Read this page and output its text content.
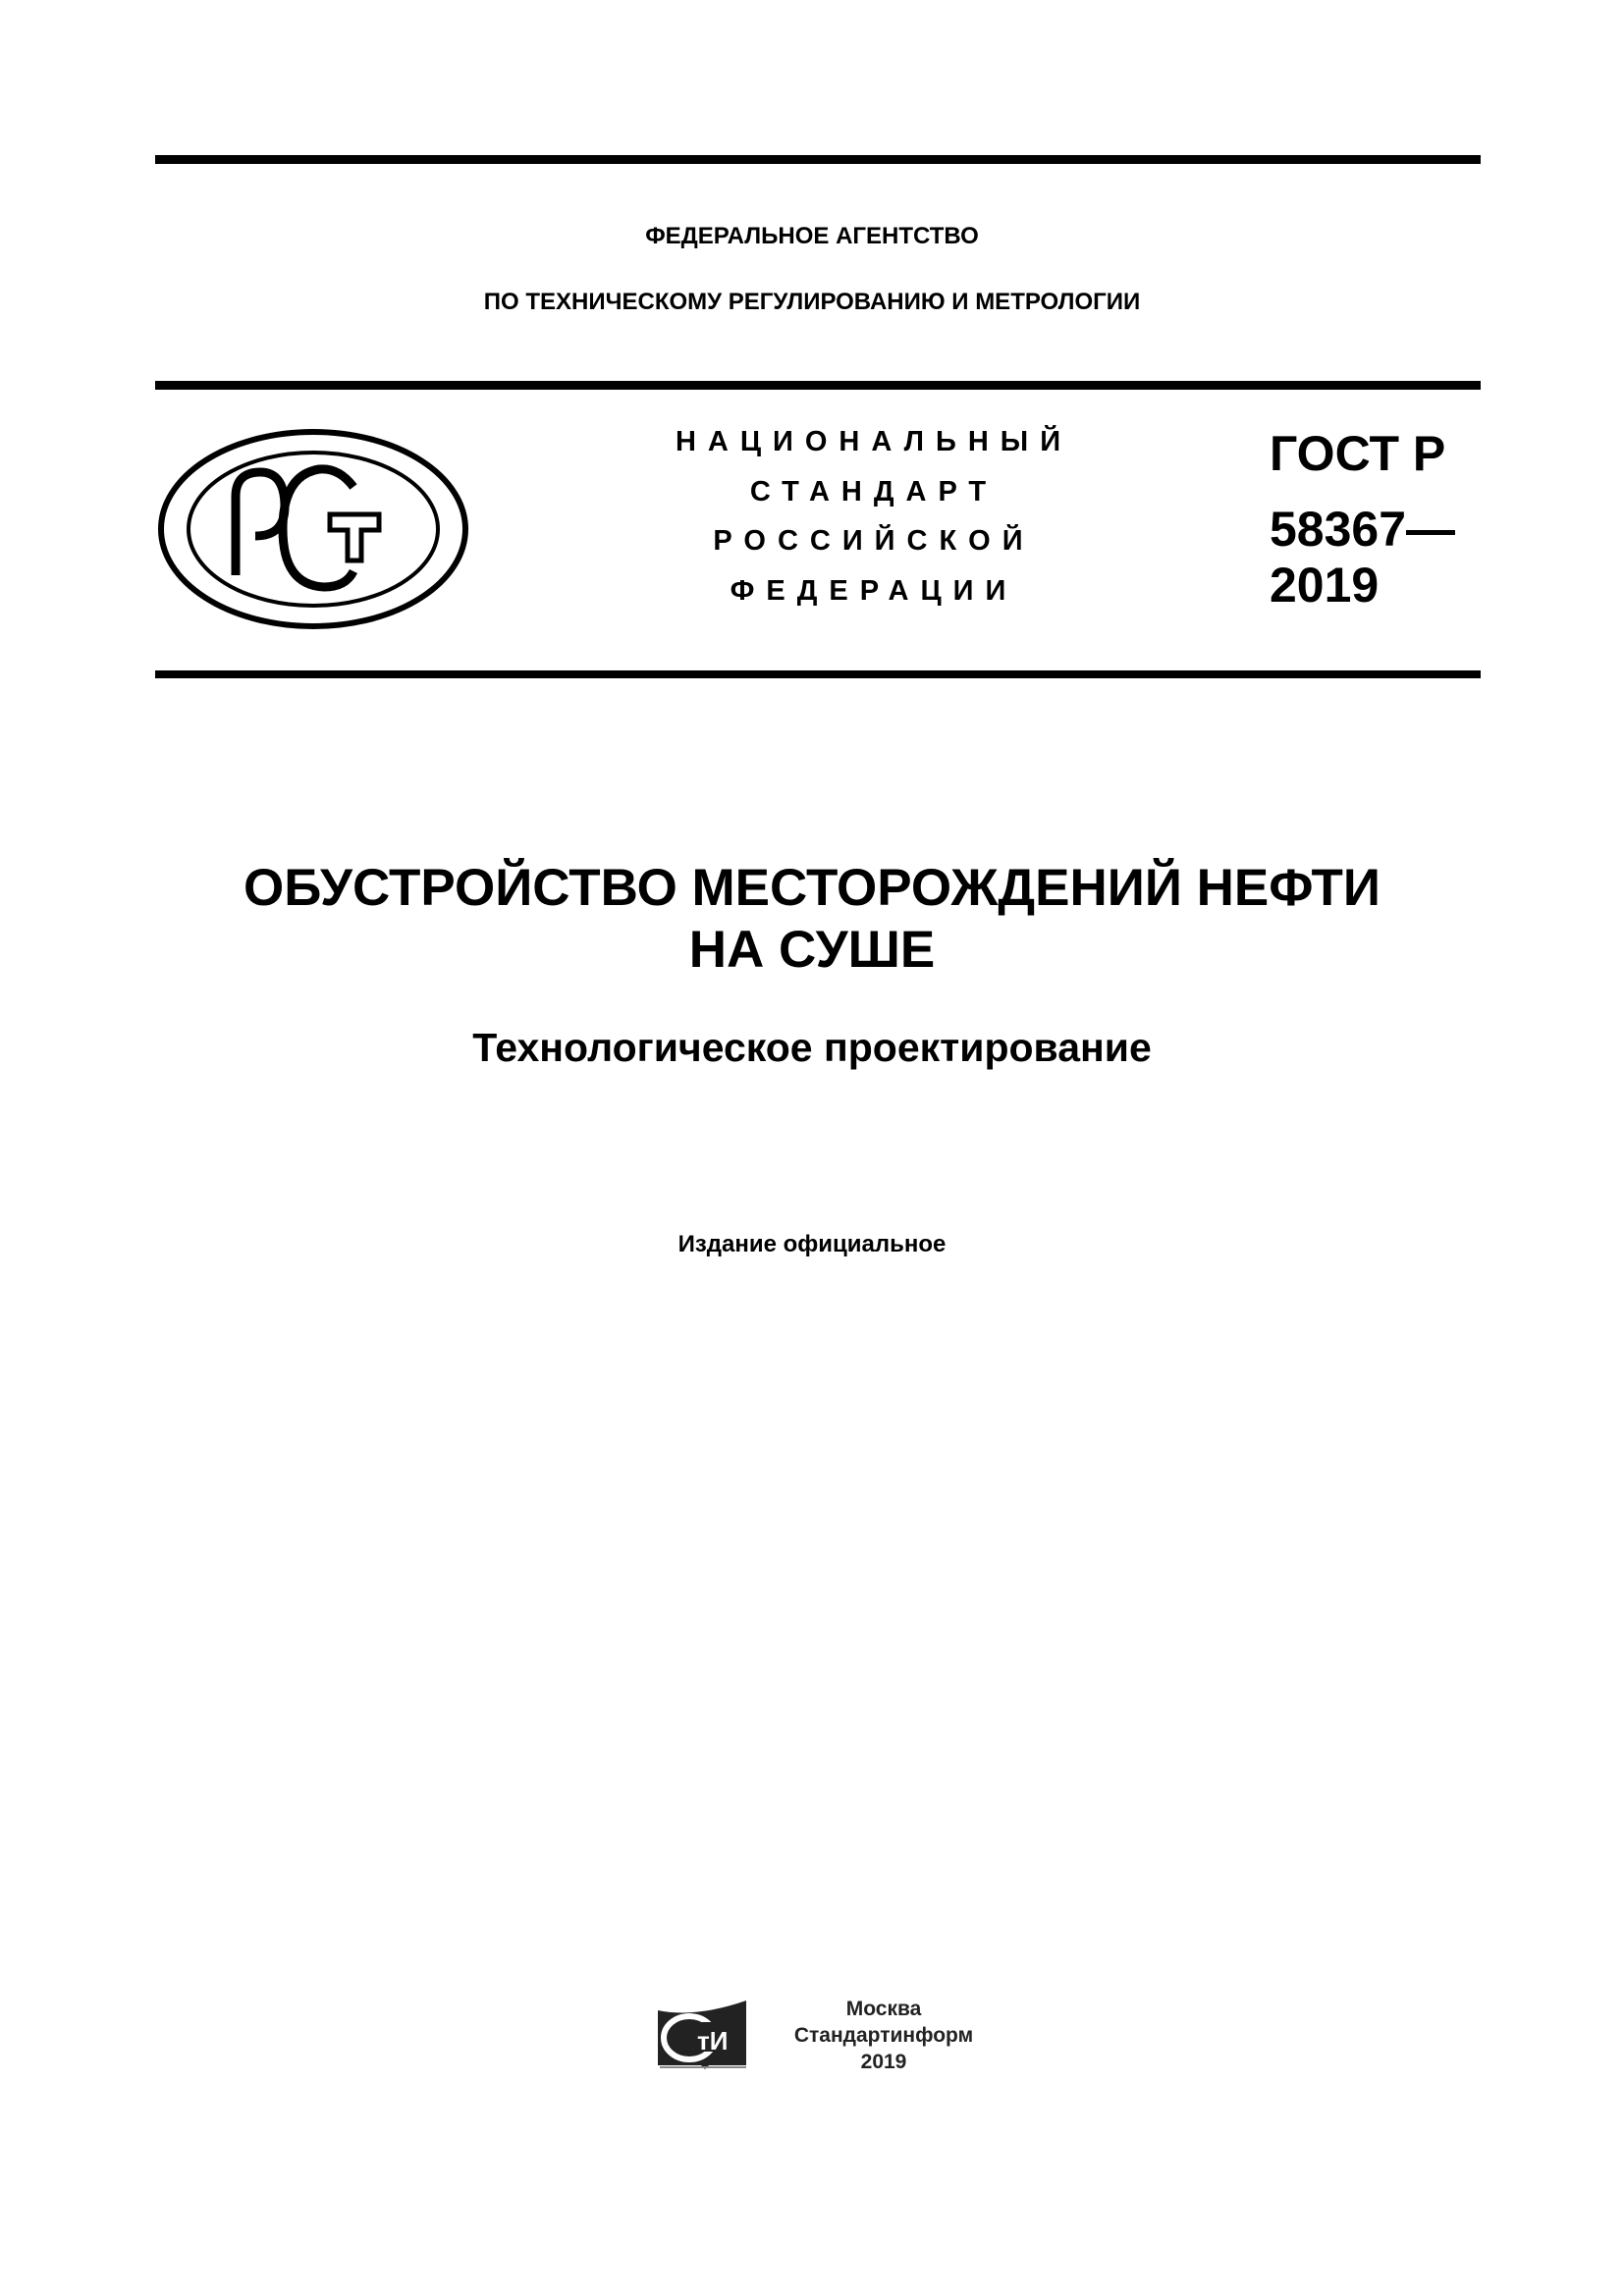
ФЕДЕРАЛЬНОЕ АГЕНТСТВО
ПО ТЕХНИЧЕСКОМУ РЕГУЛИРОВАНИЮ И МЕТРОЛОГИИ
НАЦИОНАЛЬНЫЙ
СТАНДАРТ
РОССИЙСКОЙ
ФЕДЕРАЦИИ
ГОСТ Р
58367—
2019
ОБУСТРОЙСТВО МЕСТОРОЖДЕНИЙ НЕФТИ
НА СУШЕ
Технологическое проектирование
Издание официальное
тИ
Москва
Стандартинформ
2019
